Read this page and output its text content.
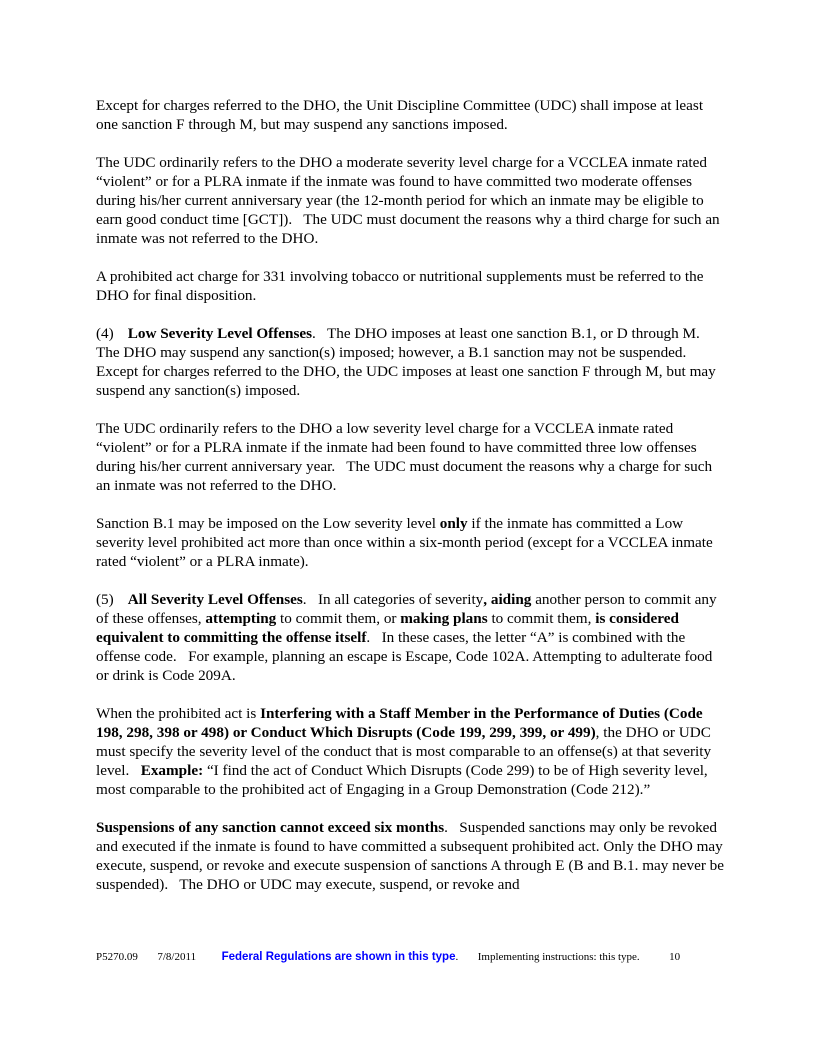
Except for charges referred to the DHO, the Unit Discipline Committee (UDC) shall impose at least one sanction F through M, but may suspend any sanctions imposed.

The UDC ordinarily refers to the DHO a moderate severity level charge for a VCCLEA inmate rated “violent” or for a PLRA inmate if the inmate was found to have committed two moderate offenses during his/her current anniversary year (the 12-month period for which an inmate may be eligible to earn good conduct time [GCT]).   The UDC must document the reasons why a third charge for such an inmate was not referred to the DHO.

A prohibited act charge for 331 involving tobacco or nutritional supplements must be referred to the DHO for final disposition.

(4) Low Severity Level Offenses.   The DHO imposes at least one sanction B.1, or D through M.   The DHO may suspend any sanction(s) imposed; however, a B.1 sanction may not be suspended.   Except for charges referred to the DHO, the UDC imposes at least one sanction F through M, but may suspend any sanction(s) imposed.

The UDC ordinarily refers to the DHO a low severity level charge for a VCCLEA inmate rated “violent” or for a PLRA inmate if the inmate had been found to have committed three low offenses during his/her current anniversary year.   The UDC must document the reasons why a charge for such an inmate was not referred to the DHO.

Sanction B.1 may be imposed on the Low severity level only if the inmate has committed a Low severity level prohibited act more than once within a six-month period (except for a VCCLEA inmate rated “violent” or a PLRA inmate).

(5) All Severity Level Offenses.   In all categories of severity, aiding another person to commit any of these offenses, attempting to commit them, or making plans to commit them, is considered equivalent to committing the offense itself.   In these cases, the letter “A” is combined with the offense code.   For example, planning an escape is Escape, Code 102A. Attempting to adulterate food or drink is Code 209A.

When the prohibited act is Interfering with a Staff Member in the Performance of Duties (Code 198, 298, 398 or 498) or Conduct Which Disrupts (Code 199, 299, 399, or 499), the DHO or UDC must specify the severity level of the conduct that is most comparable to an offense(s) at that severity level.   Example: “I find the act of Conduct Which Disrupts (Code 299) to be of High severity level, most comparable to the prohibited act of Engaging in a Group Demonstration (Code 212).”

Suspensions of any sanction cannot exceed six months.   Suspended sanctions may only be revoked and executed if the inmate is found to have committed a subsequent prohibited act. Only the DHO may execute, suspend, or revoke and execute suspension of sanctions A through E (B and B.1. may never be suspended).   The DHO or UDC may execute, suspend, or revoke and

P5270.09 7/8/2011 Federal Regulations are shown in this type. Implementing instructions: this type.	10
